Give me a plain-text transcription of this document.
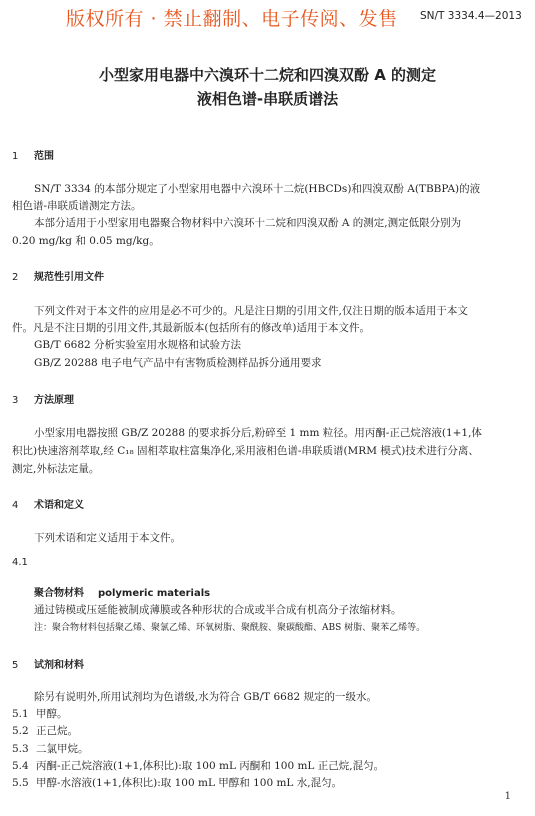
SN/T 3334.4—2013
版权所有 · 禁止翻制、电子传阅、发售
小型家用电器中六溴环十二烷和四溴双酚 A 的测定
液相色谱-串联质谱法
1 范围
SN/T 3334 的本部分规定了小型家用电器中六溴环十二烷(HBCDs)和四溴双酚 A(TBBPA)的液
相色谱-串联质谱测定方法。
本部分适用于小型家用电器聚合物材料中六溴环十二烷和四溴双酚 A 的测定,测定低限分别为
0.20 mg/kg 和 0.05 mg/kg。
2 规范性引用文件
下列文件对于本文件的应用是必不可少的。凡是注日期的引用文件,仅注日期的版本适用于本文
件。凡是不注日期的引用文件,其最新版本(包括所有的修改单)适用于本文件。
GB/T 6682 分析实验室用水规格和试验方法
GB/Z 20288 电子电气产品中有害物质检测样品拆分通用要求
3 方法原理
小型家用电器按照 GB/Z 20288 的要求拆分后,粉碎至 1 mm 粒径。用丙酮-正己烷溶液(1+1,体
积比)快速溶剂萃取,经 C₁₈ 固相萃取柱富集净化,采用液相色谱-串联质谱(MRM 模式)技术进行分离、
测定,外标法定量。
4 术语和定义
下列术语和定义适用于本文件。
4.1
聚合物材料 polymeric materials
通过铸模或压延能被制成薄膜或各种形状的合成或半合成有机高分子浓缩材料。
注：聚合物材料包括聚乙烯、聚氯乙烯、环氧树脂、聚酰胺、聚碳酸酯、ABS 树脂、聚苯乙烯等。
5 试剂和材料
除另有说明外,所用试剂均为色谱级,水为符合 GB/T 6682 规定的一级水。
5.1 甲醇。
5.2 正己烷。
5.3 二氯甲烷。
5.4 丙酮-正己烷溶液(1+1,体积比):取 100 mL 丙酮和 100 mL 正己烷,混匀。
5.5 甲醇-水溶液(1+1,体积比):取 100 mL 甲醇和 100 mL 水,混匀。
1
